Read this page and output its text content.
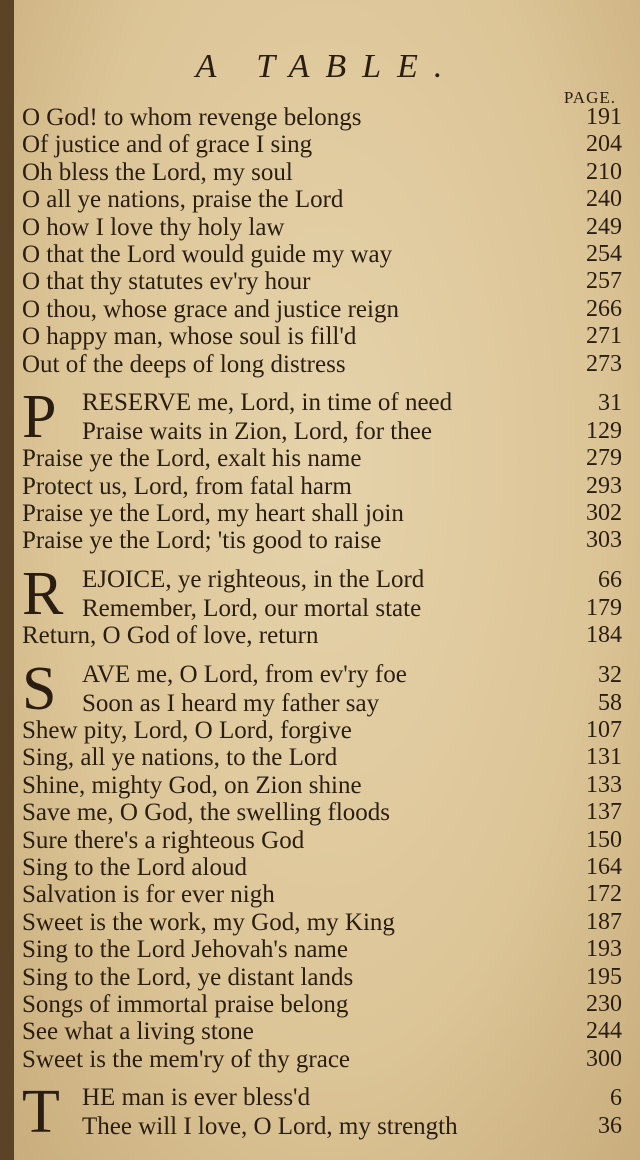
A TABLE.
PAGE.
O God! to whom revenge belongs	191
Of justice and of grace I sing	204
Oh bless the Lord, my soul	210
O all ye nations, praise the Lord	240
O how I love thy holy law	249
O that the Lord would guide my way	254
O that thy statutes ev'ry hour	257
O thou, whose grace and justice reign	266
O happy man, whose soul is fill'd	271
Out of the deeps of long distress	273
P RESERVE me, Lord, in time of need	31
Praise waits in Zion, Lord, for thee	129
Praise ye the Lord, exalt his name	279
Protect us, Lord, from fatal harm	293
Praise ye the Lord, my heart shall join	302
Praise ye the Lord; 'tis good to raise	303
R EJOICE, ye righteous, in the Lord	66
Remember, Lord, our mortal state	179
Return, O God of love, return	184
S AVE me, O Lord, from ev'ry foe	32
Soon as I heard my father say	58
Shew pity, Lord, O Lord, forgive	107
Sing, all ye nations, to the Lord	131
Shine, mighty God, on Zion shine	133
Save me, O God, the swelling floods	137
Sure there's a righteous God	150
Sing to the Lord aloud	164
Salvation is for ever nigh	172
Sweet is the work, my God, my King	187
Sing to the Lord Jehovah's name	193
Sing to the Lord, ye distant lands	195
Songs of immortal praise belong	230
See what a living stone	244
Sweet is the mem'ry of thy grace	300
T HE man is ever bless'd	6
Thee will I love, O Lord, my strength	36
